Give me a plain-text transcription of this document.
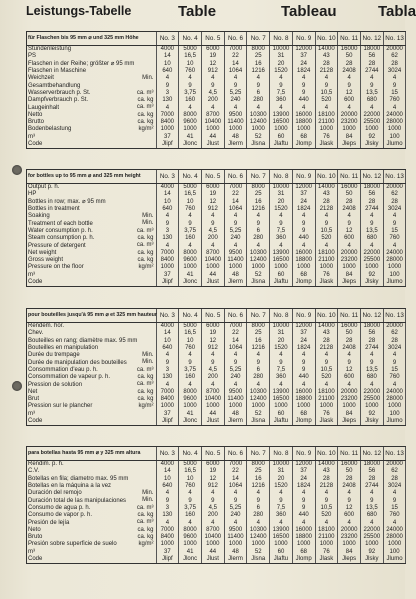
Leistungs-Tabelle	Table	Tableau	Tabla
für Flaschen bis 95 mm ⌀ und 325 mm Höhe	No. 3	No. 4	No. 5	No. 6	No. 7	No. 8	No. 9	No. 10	No. 11	No. 12	No. 13
Stundenleistung	4000	5000	6000	7000	8000	10000	12000	14000	16000	18000	20000
PS	14	16,5	19	22	25	31	37	43	50	56	62
Flaschen in der Reihe; größter ⌀ 95 mm	10	10	12	14	16	20	24	28	28	28	28
Flaschen in Maschine	640	760	912	1064	1216	1520	1824	2128	2408	2744	3024
Weichzeit Min.	4	4	4	4	4	4	4	4	4	4	4
Gesamtbehandlung	9	9	9	9	9	9	9	9	9	9	9
Wasserverbrauch p. St. ca. m³	3	3,75	4,5	5,25	6	7,5	9	10,5	12	13,5	15
Dampfverbrauch p. St. ca. kg	130	160	200	240	280	360	440	520	600	680	760
Laugeinhalt ca. m³	4	4	4	4	4	4	4	4	4	4	4
Netto ca. kg	7000	8000	8700	9500	10300	13900	16000	18100	20000	22000	24000
Brutto ca. kg	8400	9600	10400	11400	12400	16500	18800	21100	23200	25500	28000
Bodenbelastung kg/m²	1000	1000	1000	1000	1000	1000	1000	1000	1000	1000	1000
m³	37	41	44	48	52	60	68	76	84	92	100
Code	Jlipf	Jlonc	Jlust	Jlerm	Jlsna	Jlaftu	Jlomp	Jlask	Jleps	Jlsky	Jlumo
for bottles up to 95 mm ⌀ and 325 mm height	No. 3	No. 4	No. 5	No. 6	No. 7	No. 8	No. 9	No. 10	No. 11	No. 12	No. 13
Output p. h.	4000	5000	6000	7000	8000	10000	12000	14000	16000	18000	20000
HP	14	16,5	19	22	25	31	37	43	50	56	62
Bottles in row; max. ⌀ 95 mm	10	10	12	14	16	20	24	28	28	28	28
Bottles in treatment	640	760	912	1064	1216	1520	1824	2128	2408	2744	3024
Soaking Min.	4	4	4	4	4	4	4	4	4	4	4
Treatment of each bottle Min.	9	9	9	9	9	9	9	9	9	9	9
Water consumption p. h. ca. m³	3	3,75	4,5	5,25	6	7,5	9	10,5	12	13,5	15
Steam consumption p. h. ca. kg	130	160	200	240	280	360	440	520	600	680	760
Pressure of detergent ca. m³	4	4	4	4	4	4	4	4	4	4	4
Net weight ca. kg	7000	8000	8700	9500	10300	13900	16000	18100	20000	22000	24000
Gross weight ca. kg	8400	9600	10400	11400	12400	16500	18800	21100	23200	25500	28000
Pressure on the floor kg/m²	1000	1000	1000	1000	1000	1000	1000	1000	1000	1000	1000
m³	37	41	44	48	52	60	68	76	84	92	100
Code	Jlipf	Jlonc	Jlust	Jlerm	Jlsna	Jlaftu	Jlomp	Jlask	Jleps	Jlsky	Jlumo
pour bouteilles jusqu'à 95 mm ⌀ et 325 mm hauteur	No. 3	No. 4	No. 5	No. 6	No. 7	No. 8	No. 9	No. 10	No. 11	No. 12	No. 13
Rendem. hor.	4000	5000	6000	7000	8000	10000	12000	14000	16000	18000	20000
Chev.	14	16,5	19	22	25	31	37	43	50	56	62
Bouteilles en rang; diamètre max. 95 mm	10	10	12	14	16	20	24	28	28	28	28
Bouteilles en manipulation	640	760	912	1064	1216	1520	1824	2128	2408	2744	3024
Durée du trempage Min.	4	4	4	4	4	4	4	4	4	4	4
Durée de manipulation des bouteilles Min.	9	9	9	9	9	9	9	9	9	9	9
Consommation d'eau p. h. ca. m³	3	3,75	4,5	5,25	6	7,5	9	10,5	12	13,5	15
Consommation de vapeur p. h. ca. kg	130	160	200	240	280	360	440	520	600	680	760
Pression de solution ca. m³	4	4	4	4	4	4	4	4	4	4	4
Net ca. kg	7000	8000	8700	9500	10300	13900	16000	18100	20000	22000	24000
Brut ca. kg	8400	9600	10400	11400	12400	16500	18800	21100	23200	25500	28000
Pression sur le plancher kg/m²	1000	1000	1000	1000	1000	1000	1000	1000	1000	1000	1000
m³	37	41	44	48	52	60	68	76	84	92	100
Code	Jlipf	Jlonc	Jlust	Jlerm	Jlsna	Jlaftu	Jlomp	Jlask	Jleps	Jlsky	Jlumo
para botellas hasta 95 mm ⌀ y 325 mm altura	No. 3	No. 4	No. 5	No. 6	No. 7	No. 8	No. 9	No. 10	No. 11	No. 12	No. 13
Rendim. p. h.	4000	5000	6000	7000	8000	10000	12000	14000	16000	18000	20000
C.V.	14	16,5	19	22	25	31	37	43	50	56	62
Botellas en fila; diametro max. 95 mm	10	10	12	14	16	20	24	28	28	28	28
Botellas en la máquina a la vez	640	760	912	1064	1216	1520	1824	2128	2408	2744	3024
Duración del remojo Min.	4	4	4	4	4	4	4	4	4	4	4
Duración total de las manipulaciones Min.	9	9	9	9	9	9	9	9	9	9	9
Consumo de agua p. h. ca. m³	3	3,75	4,5	5,25	6	7,5	9	10,5	12	13,5	15
Consumo de vapor p. h. ca. kg	130	160	200	240	280	360	440	520	600	680	760
Presión de lejía ca. m³	4	4	4	4	4	4	4	4	4	4	4
Neto ca. kg	7000	8000	8700	9500	10300	13900	16000	18100	20000	22000	24000
Bruto ca. kg	8400	9600	10400	11400	12400	16500	18800	21100	23200	25500	28000
Presión sobre superficie de suelo kg/m²	1000	1000	1000	1000	1000	1000	1000	1000	1000	1000	1000
m³	37	41	44	48	52	60	68	76	84	92	100
Code	Jlipf	Jlonc	Jlust	Jlerm	Jlsna	Jlaftu	Jlomp	Jlask	Jleps	Jlsky	Jlumo
